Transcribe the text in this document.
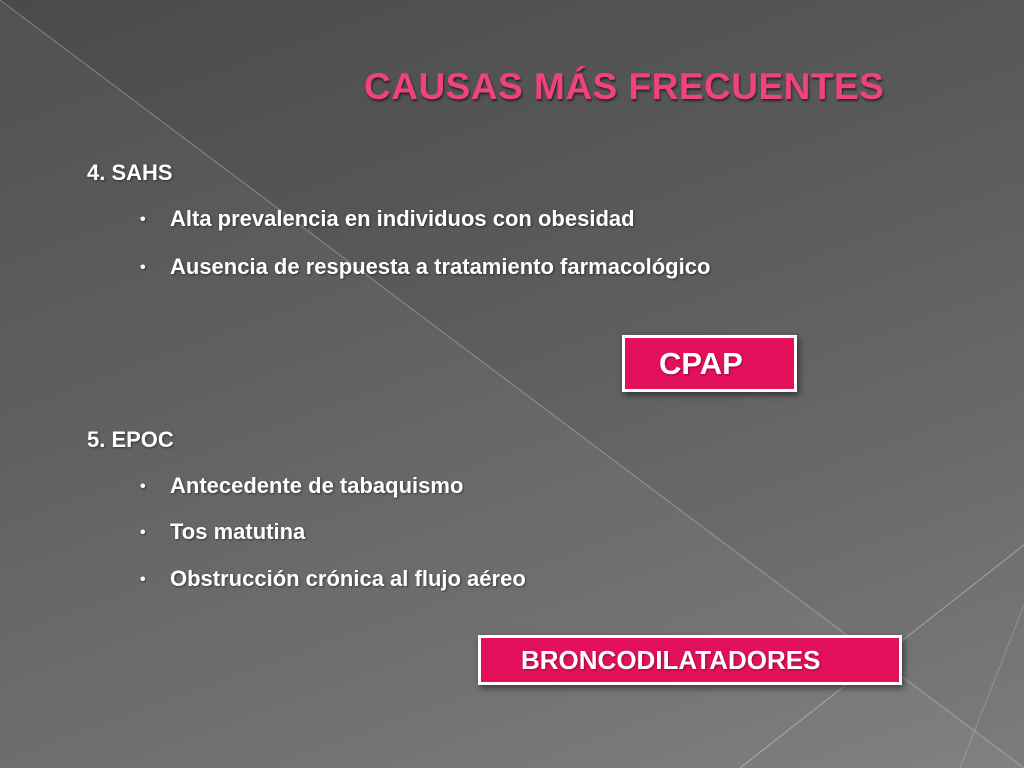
CAUSAS MÁS FRECUENTES
4. SAHS
• Alta prevalencia en individuos con obesidad
• Ausencia de respuesta a tratamiento farmacológico
CPAP
5. EPOC
• Antecedente de tabaquismo
• Tos matutina
• Obstrucción crónica al flujo aéreo
BRONCODILATADORES
